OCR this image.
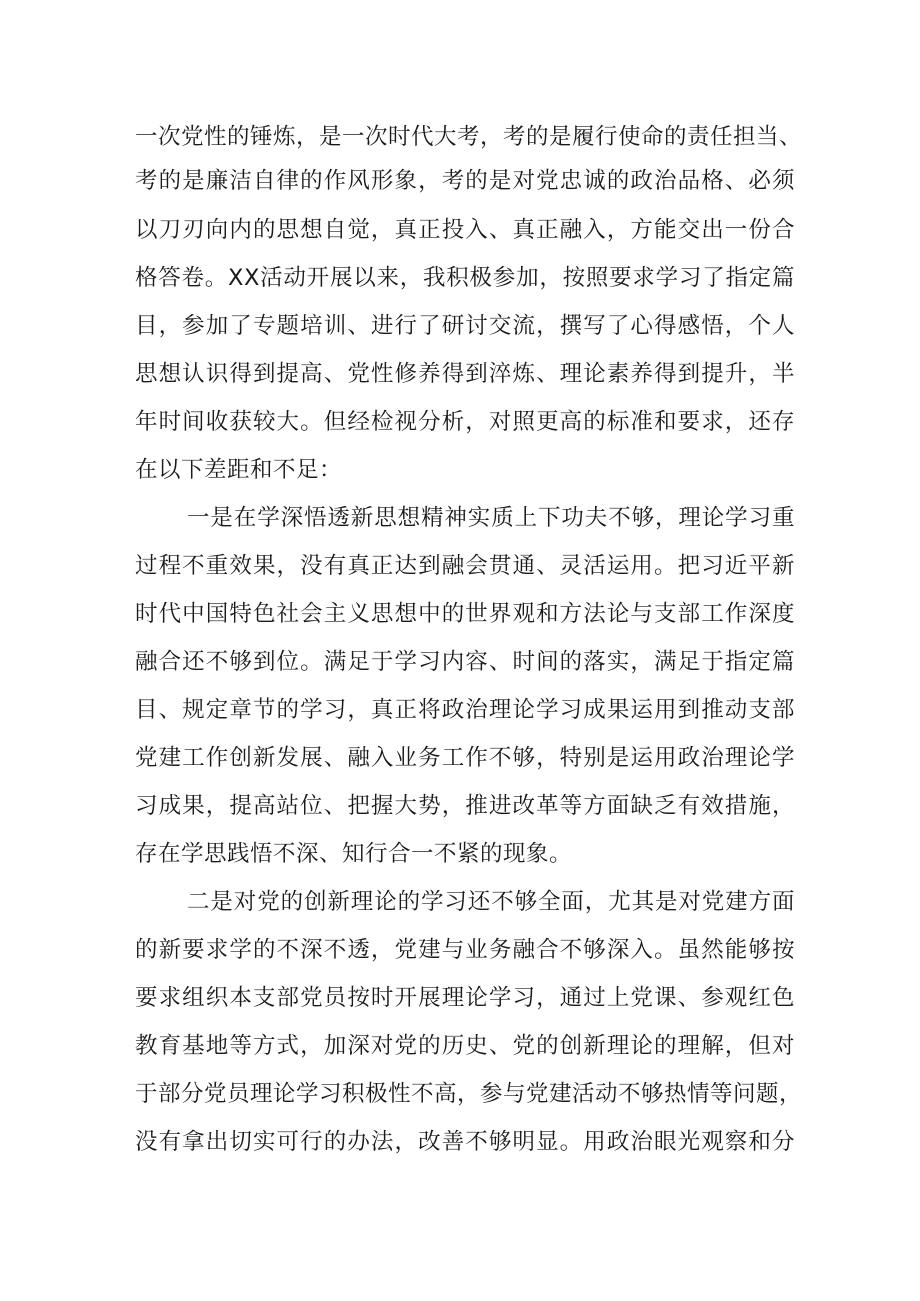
一次党性的锤炼，是一次时代大考，考的是履行使命的责任担当、
考的是廉洁自律的作风形象，考的是对党忠诚的政治品格、必须
以刀刃向内的思想自觉，真正投入、真正融入，方能交出一份合
格答卷。XX活动开展以来，我积极参加，按照要求学习了指定篇
目，参加了专题培训、进行了研讨交流，撰写了心得感悟，个人
思想认识得到提高、党性修养得到淬炼、理论素养得到提升，半
年时间收获较大。但经检视分析，对照更高的标准和要求，还存
在以下差距和不足：
一是在学深悟透新思想精神实质上下功夫不够，理论学习重
过程不重效果，没有真正达到融会贯通、灵活运用。把习近平新
时代中国特色社会主义思想中的世界观和方法论与支部工作深度
融合还不够到位。满足于学习内容、时间的落实，满足于指定篇
目、规定章节的学习，真正将政治理论学习成果运用到推动支部
党建工作创新发展、融入业务工作不够，特别是运用政治理论学
习成果，提高站位、把握大势，推进改革等方面缺乏有效措施，
存在学思践悟不深、知行合一不紧的现象。
二是对党的创新理论的学习还不够全面，尤其是对党建方面
的新要求学的不深不透，党建与业务融合不够深入。虽然能够按
要求组织本支部党员按时开展理论学习，通过上党课、参观红色
教育基地等方式，加深对党的历史、党的创新理论的理解，但对
于部分党员理论学习积极性不高，参与党建活动不够热情等问题，
没有拿出切实可行的办法，改善不够明显。用政治眼光观察和分
